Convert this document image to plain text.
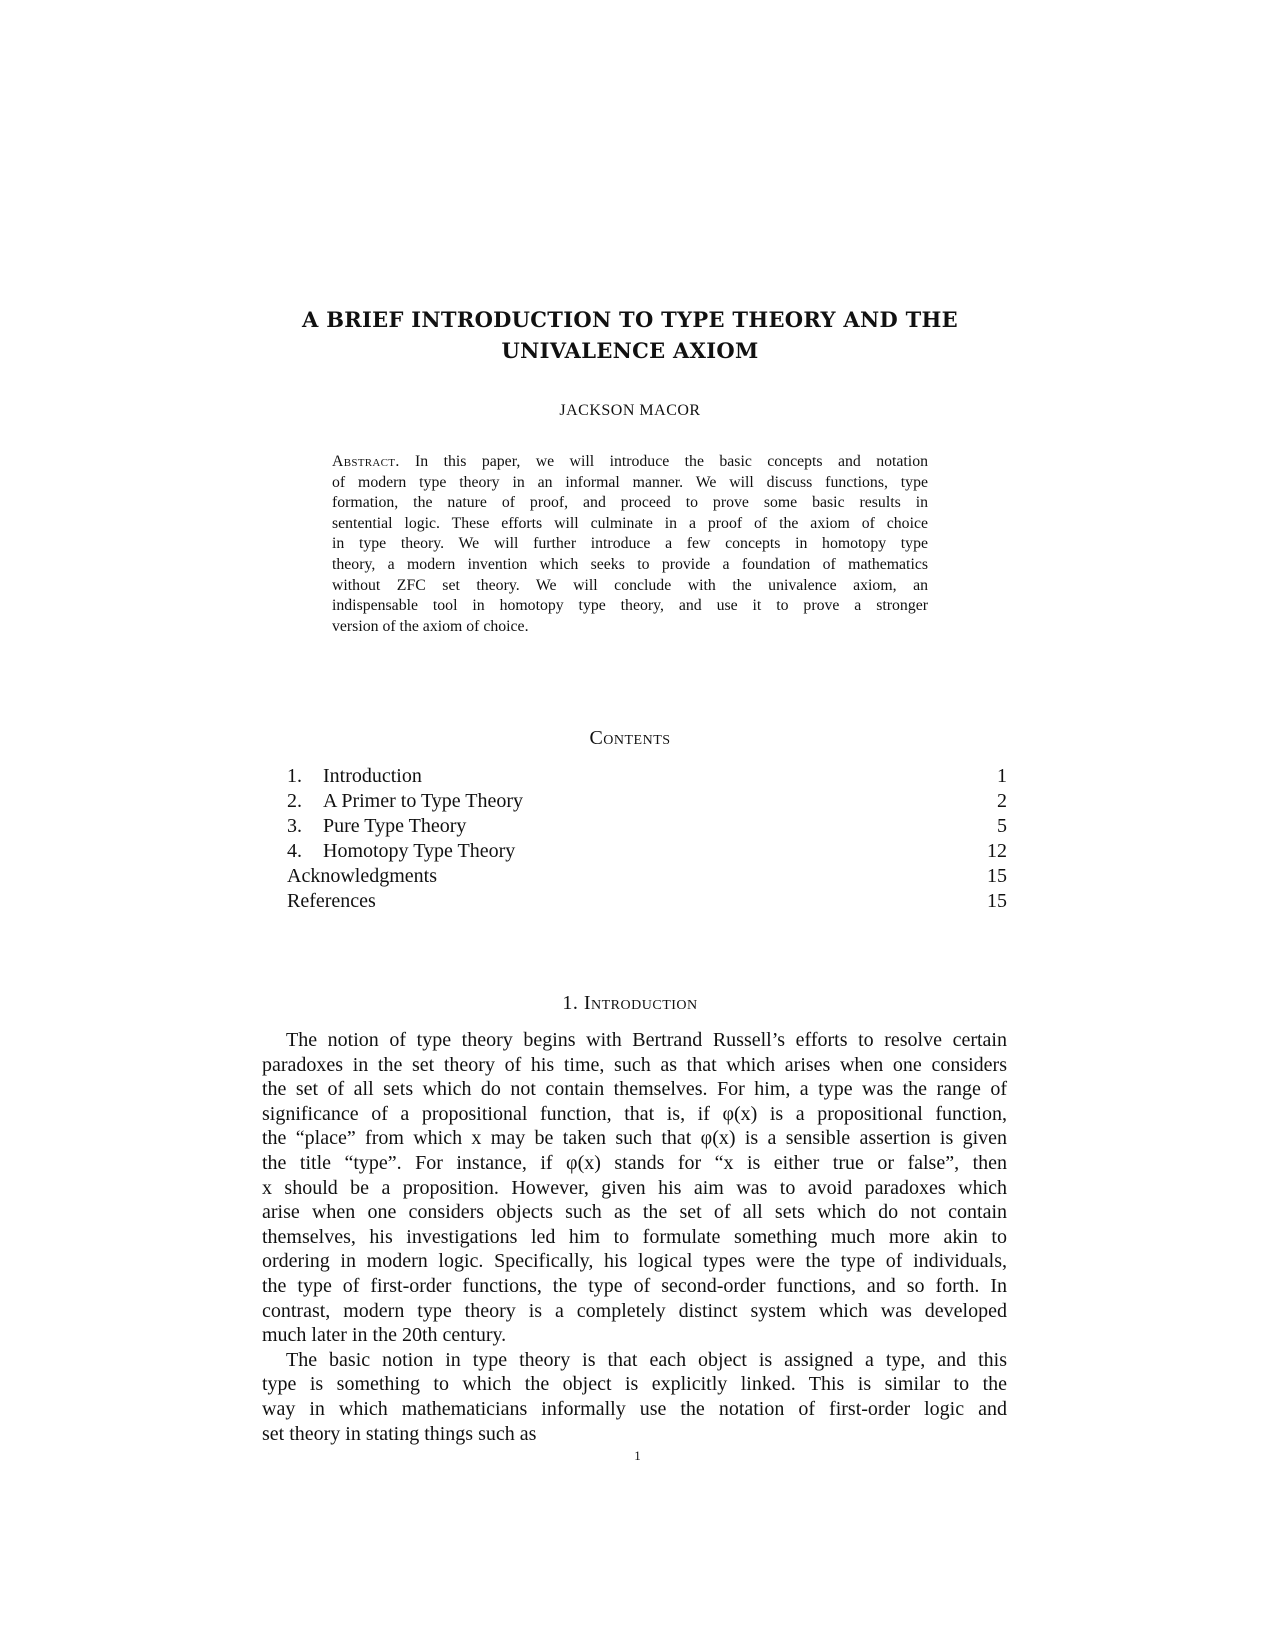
A BRIEF INTRODUCTION TO TYPE THEORY AND THE
UNIVALENCE AXIOM
JACKSON MACOR
Abstract. In this paper, we will introduce the basic concepts and notation
of modern type theory in an informal manner. We will discuss functions, type
formation, the nature of proof, and proceed to prove some basic results in
sentential logic. These efforts will culminate in a proof of the axiom of choice
in type theory. We will further introduce a few concepts in homotopy type
theory, a modern invention which seeks to provide a foundation of mathematics
without ZFC set theory. We will conclude with the univalence axiom, an
indispensable tool in homotopy type theory, and use it to prove a stronger
version of the axiom of choice.
Contents
1. Introduction	1
2. A Primer to Type Theory	2
3. Pure Type Theory	5
4. Homotopy Type Theory	12
Acknowledgments	15
References	15
1. Introduction
The notion of type theory begins with Bertrand Russell’s efforts to resolve certain
paradoxes in the set theory of his time, such as that which arises when one considers
the set of all sets which do not contain themselves. For him, a type was the range of
significance of a propositional function, that is, if φ(x) is a propositional function,
the “place” from which x may be taken such that φ(x) is a sensible assertion is given
the title “type”. For instance, if φ(x) stands for “x is either true or false”, then
x should be a proposition. However, given his aim was to avoid paradoxes which
arise when one considers objects such as the set of all sets which do not contain
themselves, his investigations led him to formulate something much more akin to
ordering in modern logic. Specifically, his logical types were the type of individuals,
the type of first-order functions, the type of second-order functions, and so forth. In
contrast, modern type theory is a completely distinct system which was developed
much later in the 20th century.
The basic notion in type theory is that each object is assigned a type, and this
type is something to which the object is explicitly linked. This is similar to the
way in which mathematicians informally use the notation of first-order logic and
set theory in stating things such as
1
